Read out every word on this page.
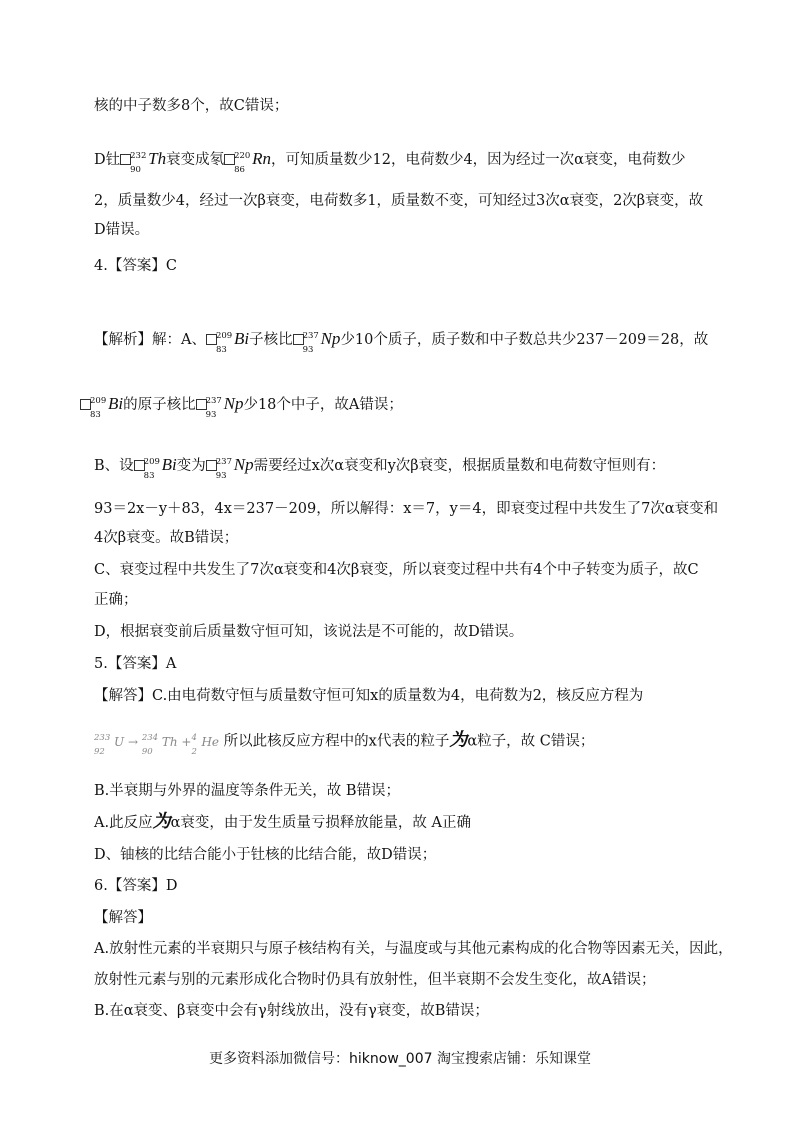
核的中子数多8个，故C错误；
D钍 232
90
Th衰变成氡 220
86
Rn，可知质量数少12，电荷数少4，因为经过一次α衰变，电荷数少
2，质量数少4，经过一次β衰变，电荷数多1，质量数不变，可知经过3次α衰变，2次β衰变，故
D错误。
4.【答案】C
【解析】解：A、 209
83
Bi子核比 237
93
Np少10个质子，质子数和中子数总共少237－209＝28，故
209
83
Bi的原子核比 237
93
Np少18个中子，故A错误；
B、设 209
83
Bi变为 237
93
Np需要经过x次α衰变和y次β衰变，根据质量数和电荷数守恒则有：
93＝2x－y＋83，4x＝237－209，所以解得：x＝7，y＝4，即衰变过程中共发生了7次α衰变和
4次β衰变。故B错误；
C、衰变过程中共发生了7次α衰变和4次β衰变，所以衰变过程中共有4个中子转变为质子，故C
正确；
D，根据衰变前后质量数守恒可知，该说法是不可能的，故D错误。
5.【答案】A
【解答】C.由电荷数守恒与质量数守恒可知x的质量数为4，电荷数为2，核反应方程为
233
92
U → 234
90
Th + 4
2
He 所以此核反应方程中的x代表的粒子为α粒子，故 C错误；
B.半衰期与外界的温度等条件无关，故 B错误；
A.此反应为α衰变，由于发生质量亏损释放能量，故 A正确
D、铀核的比结合能小于钍核的比结合能，故D错误；
6.【答案】D
【解答】
A.放射性元素的半衰期只与原子核结构有关，与温度或与其他元素构成的化合物等因素无关，因此，
放射性元素与别的元素形成化合物时仍具有放射性，但半衰期不会发生变化，故A错误；
B.在α衰变、β衰变中会有γ射线放出，没有γ衰变，故B错误；
更多资料添加微信号：hiknow_007 淘宝搜索店铺：乐知课堂
